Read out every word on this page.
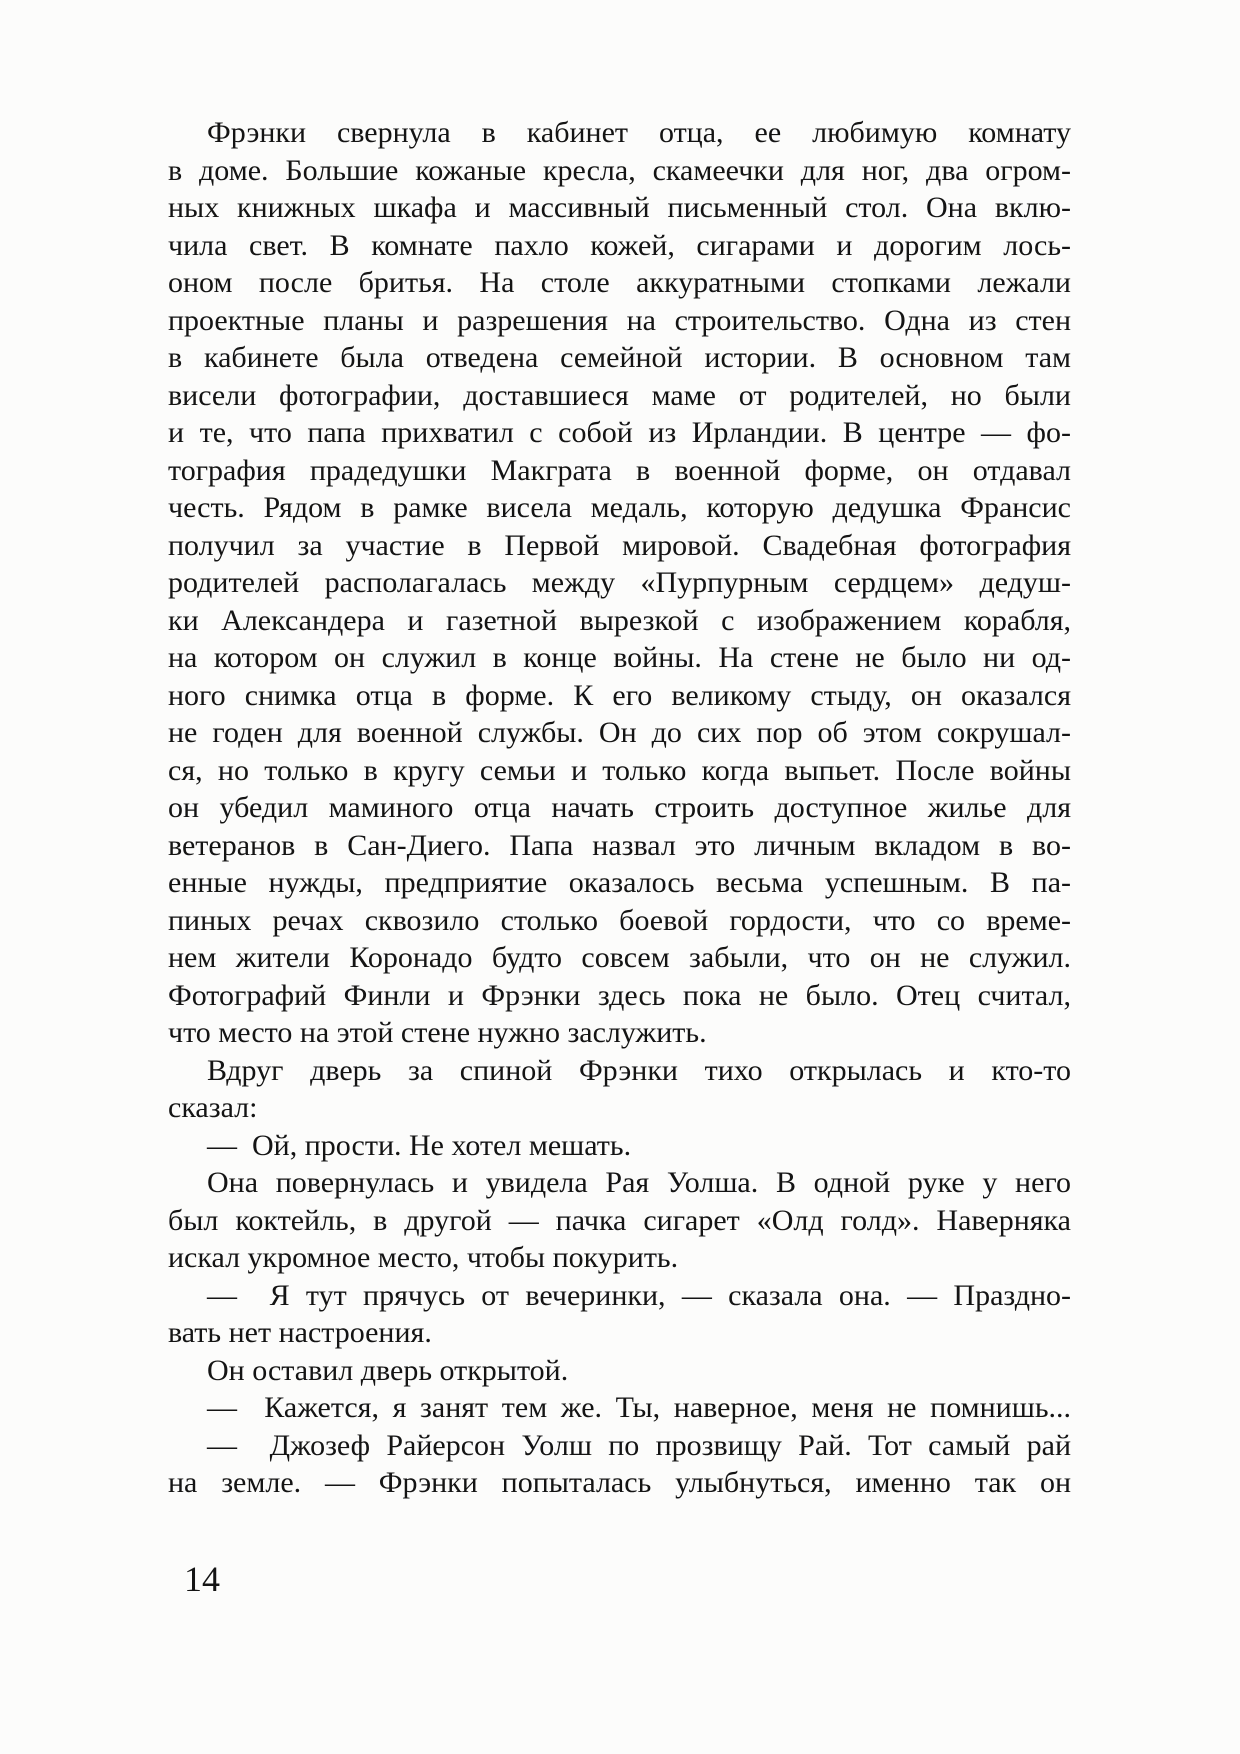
Фрэнки свернула в кабинет отца, ее любимую комнату
в доме. Большие кожаные кресла, скамеечки для ног, два огром-
ных книжных шкафа и массивный письменный стол. Она вклю-
чила свет. В комнате пахло кожей, сигарами и дорогим лось-
оном после бритья. На столе аккуратными стопками лежали
проектные планы и разрешения на строительство. Одна из стен
в кабинете была отведена семейной истории. В основном там
висели фотографии, доставшиеся маме от родителей, но были
и те, что папа прихватил с собой из Ирландии. В центре — фо-
тография прадедушки Макграта в военной форме, он отдавал
честь. Рядом в рамке висела медаль, которую дедушка Франсис
получил за участие в Первой мировой. Свадебная фотография
родителей располагалась между «Пурпурным сердцем» дедуш-
ки Александера и газетной вырезкой с изображением корабля,
на котором он служил в конце войны. На стене не было ни од-
ного снимка отца в форме. К его великому стыду, он оказался
не годен для военной службы. Он до сих пор об этом сокрушал-
ся, но только в кругу семьи и только когда выпьет. После войны
он убедил маминого отца начать строить доступное жилье для
ветеранов в Сан-Диего. Папа назвал это личным вкладом в во-
енные нужды, предприятие оказалось весьма успешным. В па-
пиных речах сквозило столько боевой гордости, что со време-
нем жители Коронадо будто совсем забыли, что он не служил.
Фотографий Финли и Фрэнки здесь пока не было. Отец считал,
что место на этой стене нужно заслужить.
Вдруг дверь за спиной Фрэнки тихо открылась и кто-то
сказал:
—  Ой, прости. Не хотел мешать.
Она повернулась и увидела Рая Уолша. В одной руке у него
был коктейль, в другой — пачка сигарет «Олд голд». Наверняка
искал укромное место, чтобы покурить.
—  Я тут прячусь от вечеринки, — сказала она. — Праздно-
вать нет настроения.
Он оставил дверь открытой.
—  Кажется, я занят тем же. Ты, наверное, меня не помнишь...
—  Джозеф Райерсон Уолш по прозвищу Рай. Тот самый рай
на земле. — Фрэнки попыталась улыбнуться, именно так он
14
